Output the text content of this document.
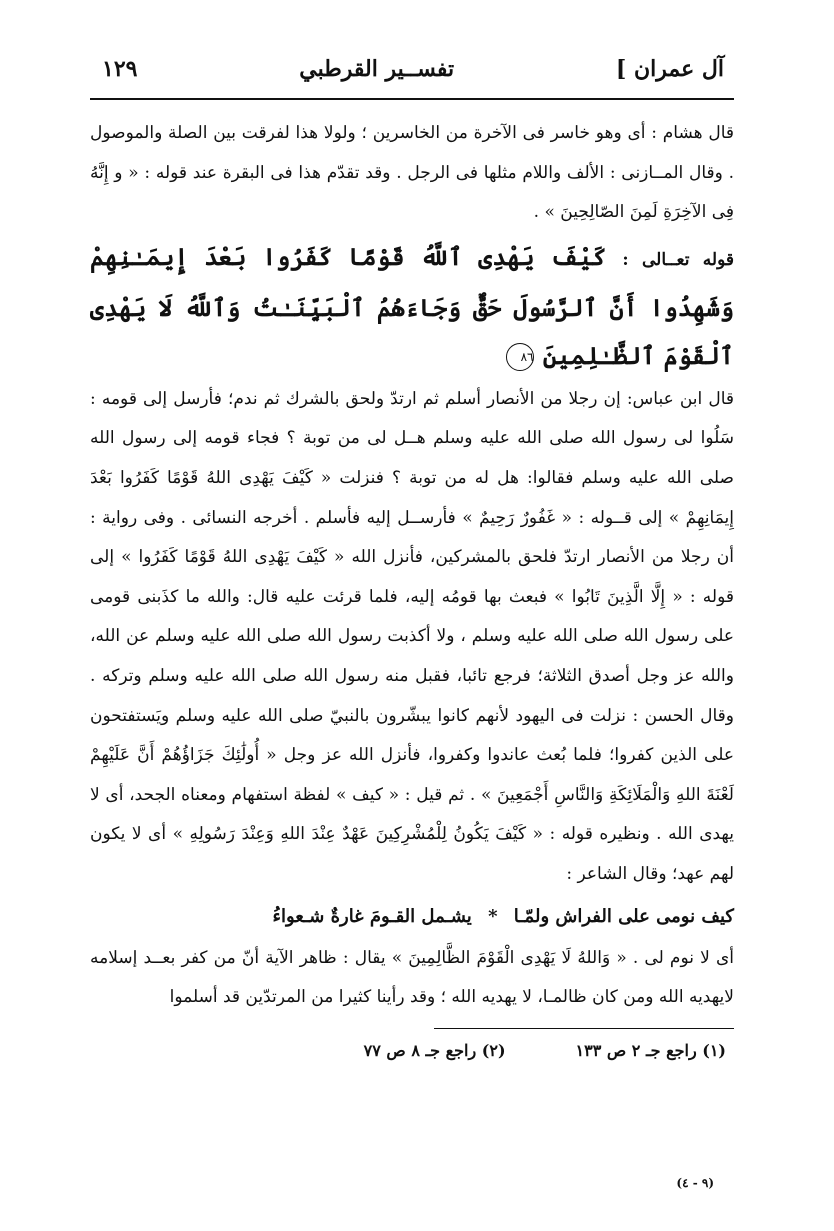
آل عمران ]
تفســير القرطبي
١٢٩

قال هشام : أى وهو خاسر فى الآخرة من الخاسرين ؛ ولولا هذا لفرقت بين الصلة والموصول . وقال المــازنى : الألف واللام مثلها فى الرجل . وقد تقدّم هذا فى البقرة عند قوله : « و إِنَّهُ فِى الآخِرَةِ لَمِنَ الصّالِحِينَ » .

قوله تعــالى : كَيْفَ يَهْدِى ٱللَّهُ قَوْمًا كَفَرُوا بَعْدَ إِيمَـٰنِهِمْ وَشَهِدُوا أَنَّ ٱلرَّسُولَ حَقٌّ وَجَاءَهُمُ ٱلْبَيِّنَـٰتُ وَٱللَّهُ لَا يَهْدِى ٱلْقَوْمَ ٱلظَّـٰلِمِينَ ٨٦

قال ابن عباس: إن رجلا من الأنصار أسلم ثم ارتدّ ولحق بالشرك ثم ندم؛ فأرسل إلى قومه : سَلُوا لى رسول الله صلى الله عليه وسلم هــل لى من توبة ؟ فجاء قومه إلى رسول الله صلى الله عليه وسلم فقالوا: هل له من توبة ؟ فنزلت « كَيْفَ يَهْدِى اللهُ قَوْمًا كَفَرُوا بَعْدَ إِيمَانِهِمْ » إلى قــوله : « غَفُورٌ رَحِيمٌ » فأرســل إليه فأسلم . أخرجه النسائى . وفى رواية : أن رجلا من الأنصار ارتدّ فلحق بالمشركين، فأنزل الله « كَيْفَ يَهْدِى اللهُ قَوْمًا كَفَرُوا » إلى قوله : « إِلَّا الَّذِينَ تَابُوا » فبعث بها قومُه إليه، فلما قرئت عليه قال: والله ما كذَبنى قومى على رسول الله صلى الله عليه وسلم ، ولا أكذبت رسول الله صلى الله عليه وسلم عن الله، والله عز وجل أصدق الثلاثة؛ فرجع تائبا، فقبل منه رسول الله صلى الله عليه وسلم وتركه . وقال الحسن : نزلت فى اليهود لأنهم كانوا يبشّرون بالنبيّ صلى الله عليه وسلم ويَستفتحون على الذين كفروا؛ فلما بُعث عاندوا وكفروا، فأنزل الله عز وجل « أُولَٰئِكَ جَزَاؤُهُمْ أَنَّ عَلَيْهِمْ لَعْنَةَ اللهِ وَالْمَلَائِكَةِ وَالنَّاسِ أَجْمَعِينَ » . ثم قيل : « كيف » لفظة استفهام ومعناه الجحد، أى لا يهدى الله . ونظيره قوله : « كَيْفَ يَكُونُ لِلْمُشْرِكِينَ عَهْدٌ عِنْدَ اللهِ وَعِنْدَ رَسُولِهِ » أى لا يكون لهم عهد؛ وقال الشاعر :

كيف نومى على الفراش ولمّـا * يشـمل القـومَ غارةٌ شـعواءُ

أى لا نوم لى . « وَاللهُ لَا يَهْدِى الْقَوْمَ الظَّالِمِينَ » يقال : ظاهر الآية أنّ من كفر بعــد إسلامه لايهديه الله ومن كان ظالمـا، لا يهديه الله ؛ وقد رأينا كثيرا من المرتدّين قد أسلموا

(١) راجع جـ ٢ ص ١٣٣
(٢) راجع جـ ٨ ص ٧٧
(٩ - ٤)
